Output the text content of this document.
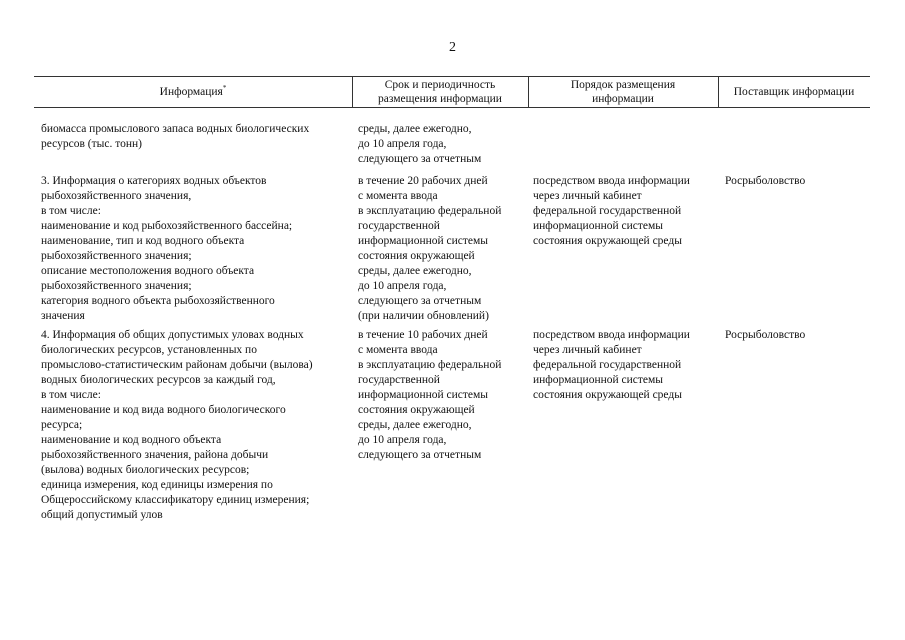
2
Информация*	Срок и периодичность
размещения информации
Порядок размещения
информации
Поставщик информации
биомасса промыслового запаса водных биологических
ресурсов (тыс. тонн)
среды, далее ежегодно,
до 10 апреля года,
следующего за отчетным
3. Информация о категориях водных объектов
рыбохозяйственного значения,
в том числе:
наименование и код рыбохозяйственного бассейна;
наименование, тип и код водного объекта
рыбохозяйственного значения;
описание местоположения водного объекта
рыбохозяйственного значения;
категория водного объекта рыбохозяйственного
значения
в течение 20 рабочих дней
с момента ввода
в эксплуатацию федеральной
государственной
информационной системы
состояния окружающей
среды, далее ежегодно,
до 10 апреля года,
следующего за отчетным
(при наличии обновлений)
посредством ввода информации
через личный кабинет
федеральной государственной
информационной системы
состояния окружающей среды
Росрыболовство
4. Информация об общих допустимых уловах водных
биологических ресурсов, установленных по
промыслово-статистическим районам добычи (вылова)
водных биологических ресурсов за каждый год,
в том числе:
наименование и код вида водного биологического
ресурса;
наименование и код водного объекта
рыбохозяйственного значения, района добычи
(вылова) водных биологических ресурсов;
единица измерения, код единицы измерения по
Общероссийскому классификатору единиц измерения;
общий допустимый улов
в течение 10 рабочих дней
с момента ввода
в эксплуатацию федеральной
государственной
информационной системы
состояния окружающей
среды, далее ежегодно,
до 10 апреля года,
следующего за отчетным
посредством ввода информации
через личный кабинет
федеральной государственной
информационной системы
состояния окружающей среды
Росрыболовство
